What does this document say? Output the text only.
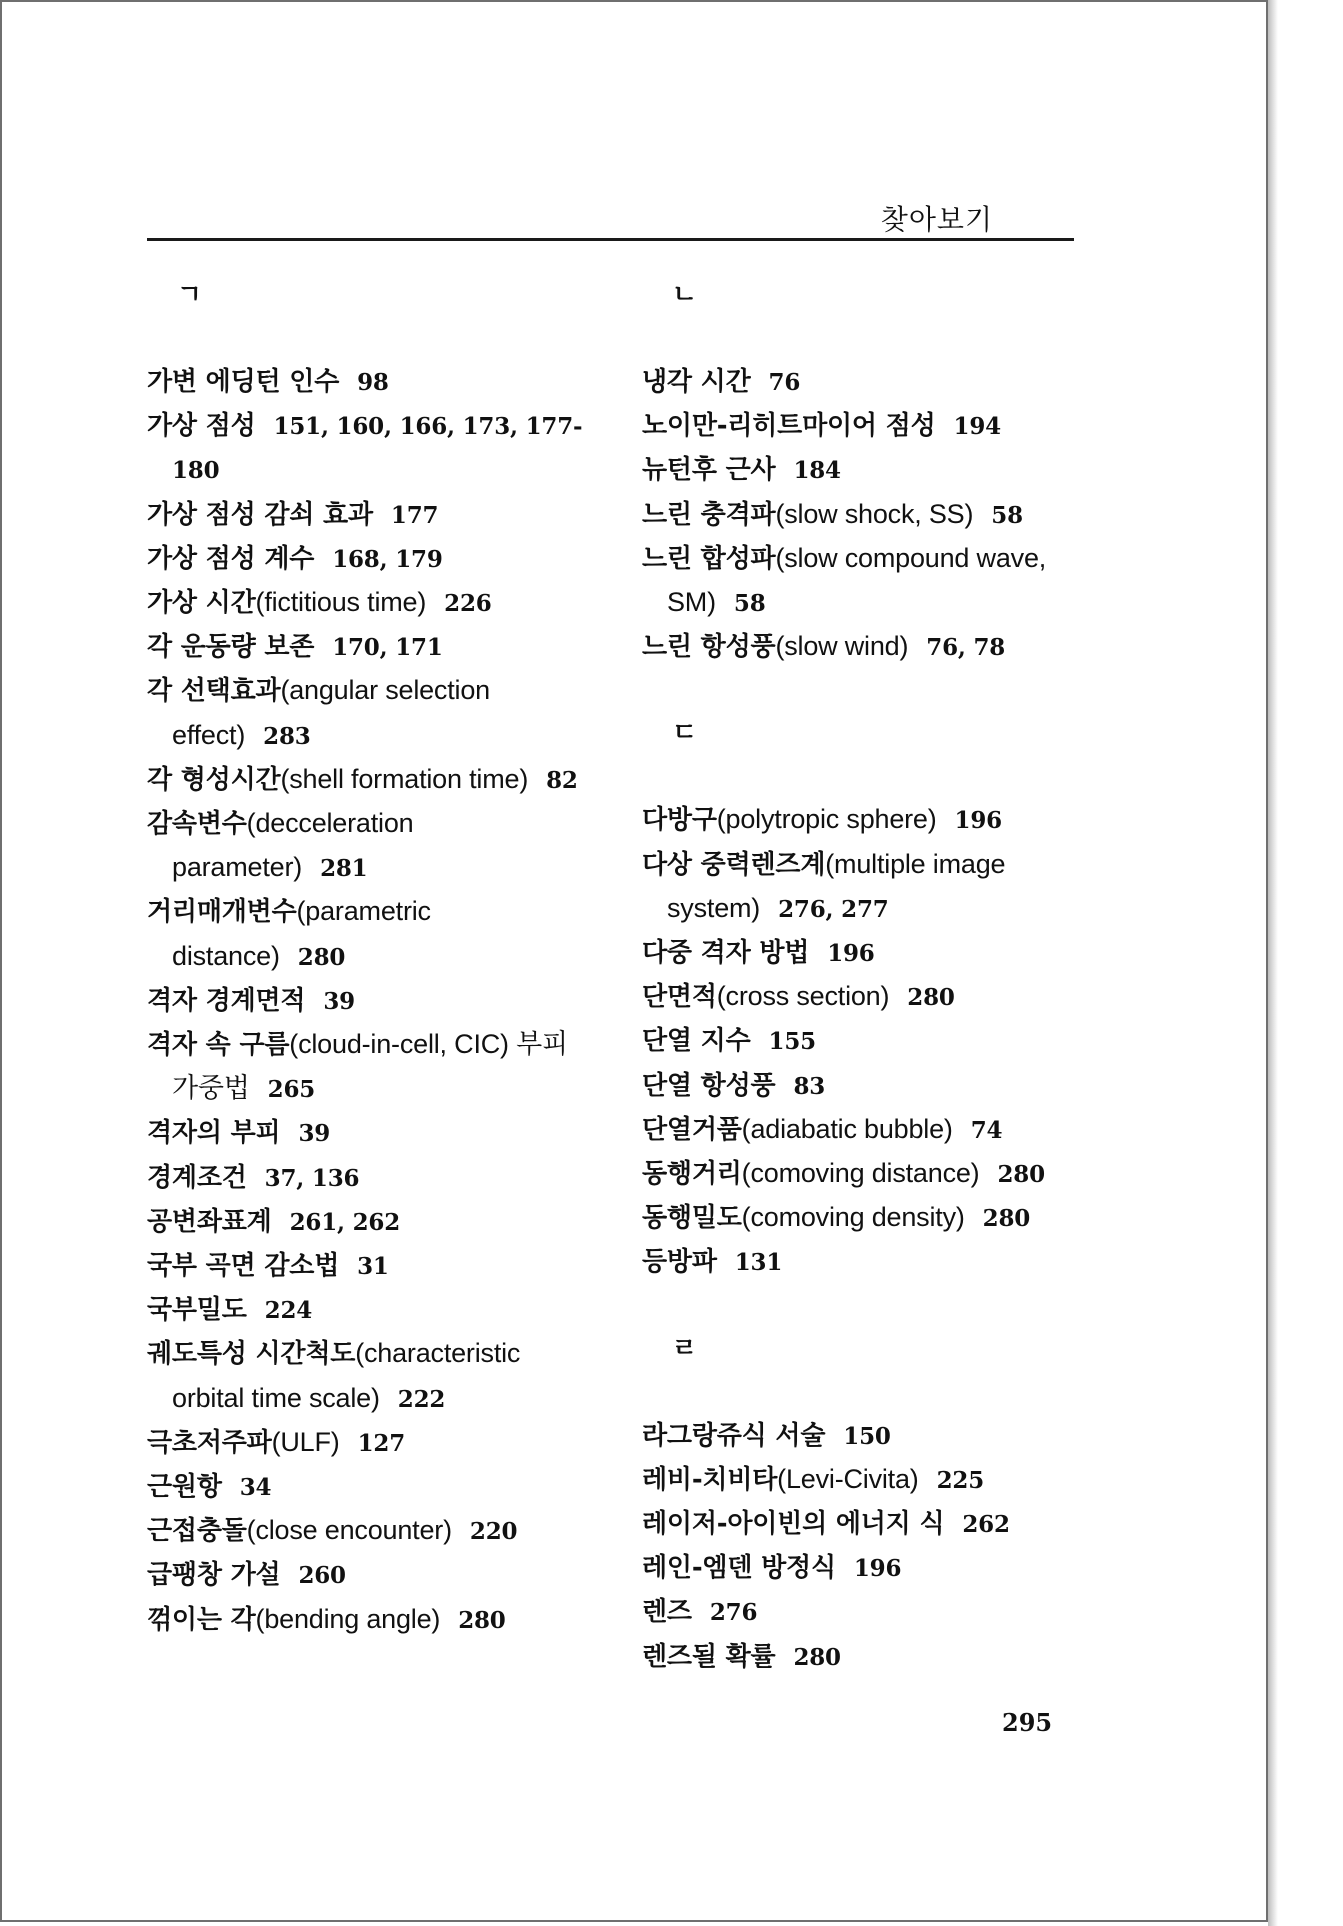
찾아보기
ㄱ
가변 에딩턴 인수 98
가상 점성 151, 160, 166, 173, 177-180
가상 점성 감쇠 효과 177
가상 점성 계수 168, 179
가상 시간(fictitious time) 226
각 운동량 보존 170, 171
각 선택효과(angular selection effect) 283
각 형성시간(shell formation time) 82
감속변수(decceleration parameter) 281
거리매개변수(parametric distance) 280
격자 경계면적 39
격자 속 구름(cloud-in-cell, CIC) 부피 가중법 265
격자의 부피 39
경계조건 37, 136
공변좌표계 261, 262
국부 곡면 감소법 31
국부밀도 224
궤도특성 시간척도(characteristic orbital time scale) 222
극초저주파(ULF) 127
근원항 34
근접충돌(close encounter) 220
급팽창 가설 260
꺾이는 각(bending angle) 280
ㄴ
냉각 시간 76
노이만-리히트마이어 점성 194
뉴턴후 근사 184
느린 충격파(slow shock, SS) 58
느린 합성파(slow compound wave, SM) 58
느린 항성풍(slow wind) 76, 78
ㄷ
다방구(polytropic sphere) 196
다상 중력렌즈계(multiple image system) 276, 277
다중 격자 방법 196
단면적(cross section) 280
단열 지수 155
단열 항성풍 83
단열거품(adiabatic bubble) 74
동행거리(comoving distance) 280
동행밀도(comoving density) 280
등방파 131
ㄹ
라그랑쥬식 서술 150
레비-치비타(Levi-Civita) 225
레이저-아이빈의 에너지 식 262
레인-엠덴 방정식 196
렌즈 276
렌즈될 확률 280
295
